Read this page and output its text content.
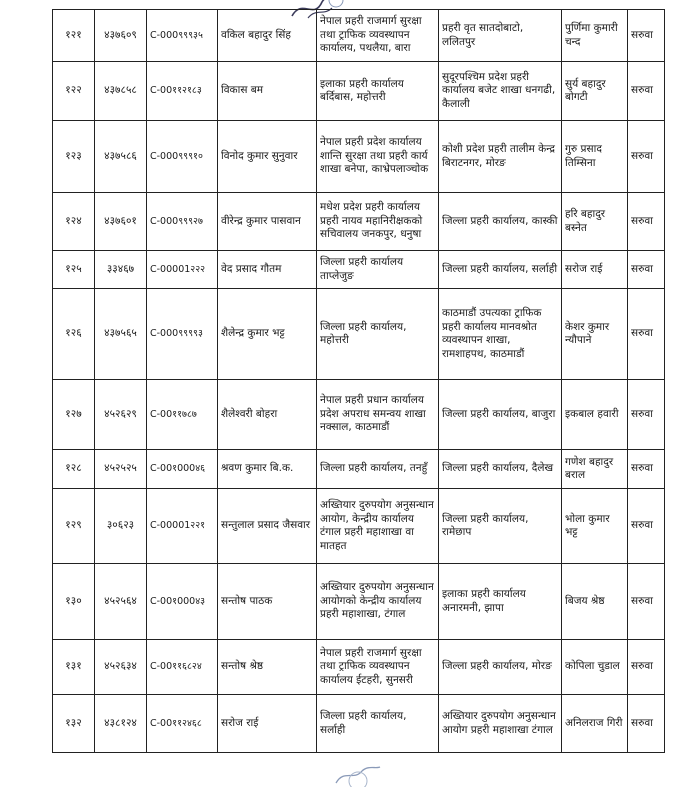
१२१	४३७६०९	C-000९९९३५	वकिल बहादुर सिंह	नेपाल प्रहरी राजमार्ग सुरक्षा तथा ट्राफिक व्यवस्थापन कार्यालय, पथलैया, बारा	प्रहरी वृत सातदोबाटो, ललितपुर	पुर्णिमा कुमारी चन्द	सरुवा
१२२	४३७८५८	C-00११२१८३	विकास बम	इलाका प्रहरी कार्यालय बर्दिबास, महोत्तरी	सुदूरपश्चिम प्रदेश प्रहरी कार्यालय बजेट शाखा धनगढी, कैलाली	सुर्य बहादुर बोगटी	सरुवा
१२३	४३७५८६	C-000९९९१०	विनोद कुमार सुनुवार	नेपाल प्रहरी प्रदेश कार्यालय शान्ति सुरक्षा तथा प्रहरी कार्य शाखा बनेपा, काभ्रेपलाञ्चोक	कोशी प्रदेश प्रहरी तालीम केन्द्र बिराटनगर, मोरङ	गुरु प्रसाद तिम्सिना	सरुवा
१२४	४३७६०१	C-000९९९२७	वीरेन्द्र कुमार पासवान	मधेश प्रदेश प्रहरी कार्यालय प्रहरी नायव महानिरीक्षकको सचिवालय जनकपुर, धनुषा	जिल्ला प्रहरी कार्यालय, कास्की	हरि बहादुर बस्नेत	सरुवा
१२५	३३४६७	C-00001२२२	वेद प्रसाद गौतम	जिल्ला प्रहरी कार्यालय ताप्लेजुङ	जिल्ला प्रहरी कार्यालय, सर्लाही	सरोज राई	सरुवा
१२६	४३७५६५	C-000९९९९३	शैलेन्द्र कुमार भट्ट	जिल्ला प्रहरी कार्यालय, महोत्तरी	काठमाडौं उपत्यका ट्राफिक प्रहरी कार्यालय मानवश्रोत व्यवस्थापन शाखा, रामशाहपथ, काठमाडौं	केशर कुमार न्यौपाने	सरुवा
१२७	४५२६२९	C-00११७८७	शैलेश्वरी बोहरा	नेपाल प्रहरी प्रधान कार्यालय प्रदेश अपराध समन्वय शाखा नक्साल, काठमाडौं	जिल्ला प्रहरी कार्यालय, बाजुरा	इकबाल हवारी	सरुवा
१२८	४५२५२५	C-00१000४६	श्रवण कुमार बि.क.	जिल्ला प्रहरी कार्यालय, तनहुँ	जिल्ला प्रहरी कार्यालय, दैलेख	गणेश बहादुर बराल	सरुवा
१२९	३०६२३	C-00001२२१	सन्तुलाल प्रसाद जैसवार	अख्तियार दुरुपयोग अनुसन्धान आयोग, केन्द्रीय कार्यालय टंगाल प्रहरी महाशाखा वा मातहत	जिल्ला प्रहरी कार्यालय, रामेछाप	भोला कुमार भट्ट	सरुवा
१३०	४५२५६४	C-00१000४३	सन्तोष पाठक	अख्तियार दुरुपयोग अनुसन्धान आयोगको केन्द्रीय कार्यालय प्रहरी महाशाखा, टंगाल	इलाका प्रहरी कार्यालय अनारमनी, झापा	बिजय श्रेष्ठ	सरुवा
१३१	४५२६३४	C-00११६८२४	सन्तोष श्रेष्ठ	नेपाल प्रहरी राजमार्ग सुरक्षा तथा ट्राफिक व्यवस्थापन कार्यालय ईटहरी, सुनसरी	जिल्ला प्रहरी कार्यालय, मोरङ	कोपिला चुडाल	सरुवा
१३२	४३८१२४	C-00११२४६८	सरोज राई	जिल्ला प्रहरी कार्यालय, सर्लाही	अख्तियार दुरुपयोग अनुसन्धान आयोग प्रहरी महाशाखा टंगाल	अनिलराज गिरी	सरुवा
